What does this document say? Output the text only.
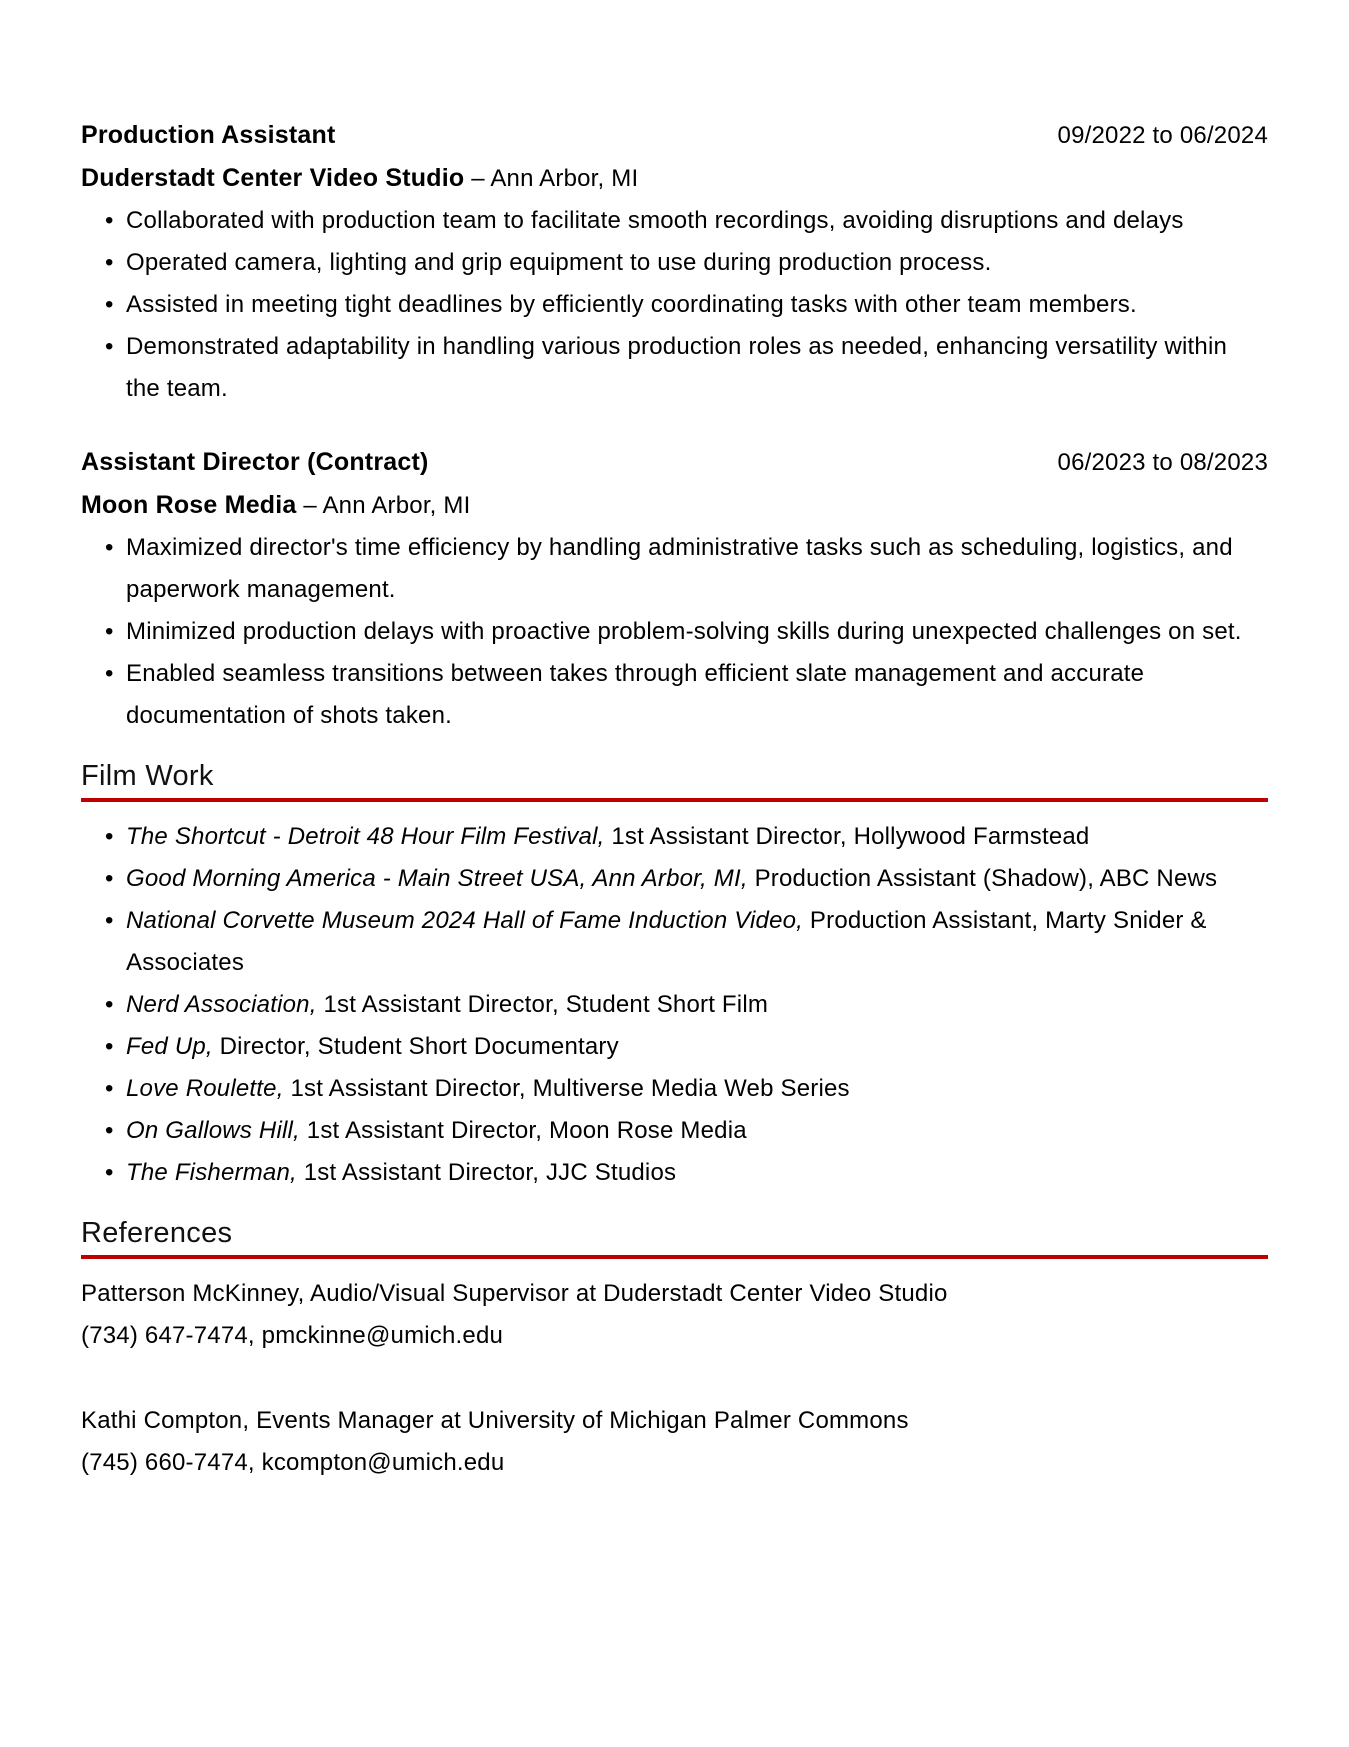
Production Assistant	09/2022 to 06/2024
Duderstadt Center Video Studio – Ann Arbor, MI
• Collaborated with production team to facilitate smooth recordings, avoiding disruptions and delays
• Operated camera, lighting and grip equipment to use during production process.
• Assisted in meeting tight deadlines by efficiently coordinating tasks with other team members.
• Demonstrated adaptability in handling various production roles as needed, enhancing versatility within the team.
Assistant Director (Contract)	06/2023 to 08/2023
Moon Rose Media – Ann Arbor, MI
• Maximized director's time efficiency by handling administrative tasks such as scheduling, logistics, and paperwork management.
• Minimized production delays with proactive problem-solving skills during unexpected challenges on set.
• Enabled seamless transitions between takes through efficient slate management and accurate documentation of shots taken.
Film Work
• The Shortcut - Detroit 48 Hour Film Festival, 1st Assistant Director, Hollywood Farmstead
• Good Morning America - Main Street USA, Ann Arbor, MI, Production Assistant (Shadow), ABC News
• National Corvette Museum 2024 Hall of Fame Induction Video, Production Assistant, Marty Snider & Associates
• Nerd Association, 1st Assistant Director, Student Short Film
• Fed Up, Director, Student Short Documentary
• Love Roulette, 1st Assistant Director, Multiverse Media Web Series
• On Gallows Hill, 1st Assistant Director, Moon Rose Media
• The Fisherman, 1st Assistant Director, JJC Studios
References
Patterson McKinney, Audio/Visual Supervisor at Duderstadt Center Video Studio
(734) 647-7474, pmckinne@umich.edu
Kathi Compton, Events Manager at University of Michigan Palmer Commons
(745) 660-7474, kcompton@umich.edu
